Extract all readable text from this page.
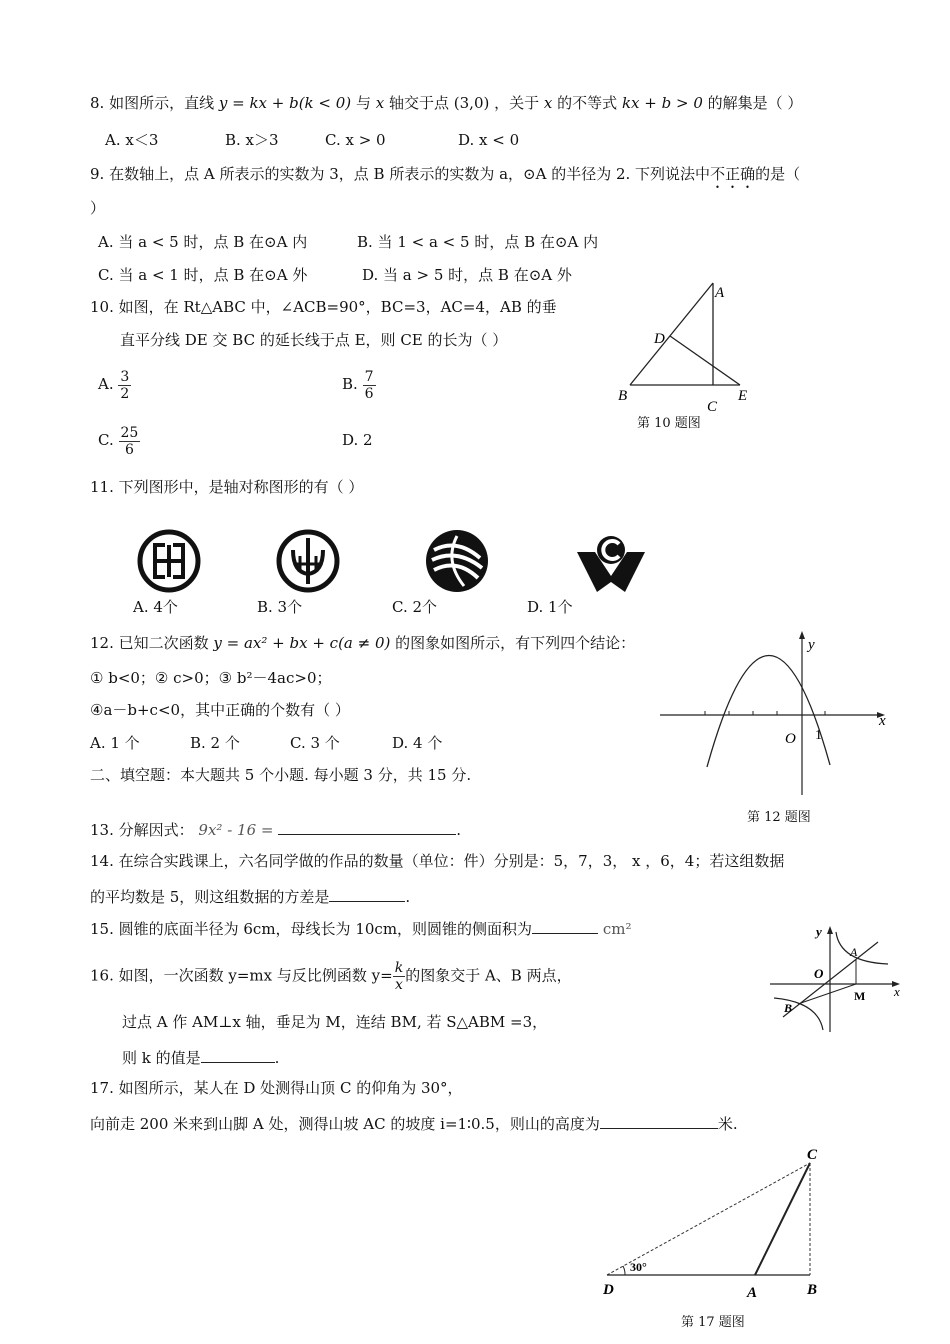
8. 如图所示，直线 y = kx + b(k < 0) 与 x 轴交于点 (3,0) ，关于 x 的不等式 kx + b > 0 的解集是（ ）
A. x＜3	B. x＞3	C. x > 0	D. x < 0
9. 在数轴上，点 A 所表示的实数为 3，点 B 所表示的实数为 a，⊙A 的半径为 2. 下列说法中不正确的是（
）
A. 当 a < 5 时，点 B 在⊙A 内	B. 当 1 < a < 5 时，点 B 在⊙A 内
C. 当 a < 1 时，点 B 在⊙A 外	D. 当 a > 5 时，点 B 在⊙A 外
10. 如图，在 Rt△ABC 中，∠ACB=90°，BC=3，AC=4，AB 的垂
直平分线 DE 交 BC 的延长线于点 E，则 CE 的长为（ ）
A. $\frac{3}{2}$	B. $\frac{7}{6}$
C. $\frac{25}{6}$	D. 2
A
D
B
C
E
第 10 题图
11. 下列图形中，是轴对称图形的有（ ）
A. 4个	B. 3个	C. 2个	D. 1个
12. 已知二次函数 y = ax² + bx + c(a ≠ 0) 的图象如图所示，有下列四个结论：
① b<0；② c>0；③ b²－4ac>0；
④a－b+c<0，其中正确的个数有（ ）
A. 1 个	B. 2 个	C. 3 个	D. 4 个
y
x
O 1
第 12 题图
二、填空题：本大题共 5 个小题. 每小题 3 分，共 15 分.
13. 分解因式： 9x² - 16 =	.
14. 在综合实践课上，六名同学做的作品的数量（单位：件）分别是：5，7，3， x ，6，4；若这组数据
的平均数是 5，则这组数据的方差是	.
15. 圆锥的底面半径为 6cm，母线长为 10cm，则圆锥的侧面积为	cm²
16. 如图，一次函数 y=mx 与反比例函数 $y= \frac{k}{x}$ 的图象交于 A、B 两点，
过点 A 作 AM⊥x 轴，垂足为 M，连结 BM, 若 S△ABM =3，
则 k 的值是	.
y
O
A
B
M x
17. 如图所示，某人在 D 处测得山顶 C 的仰角为 30°，
向前走 200 米来到山脚 A 处，测得山坡 AC 的坡度 i=1∶0.5，则山的高度为	米.
30°
C
D	A	B
第 17 题图
